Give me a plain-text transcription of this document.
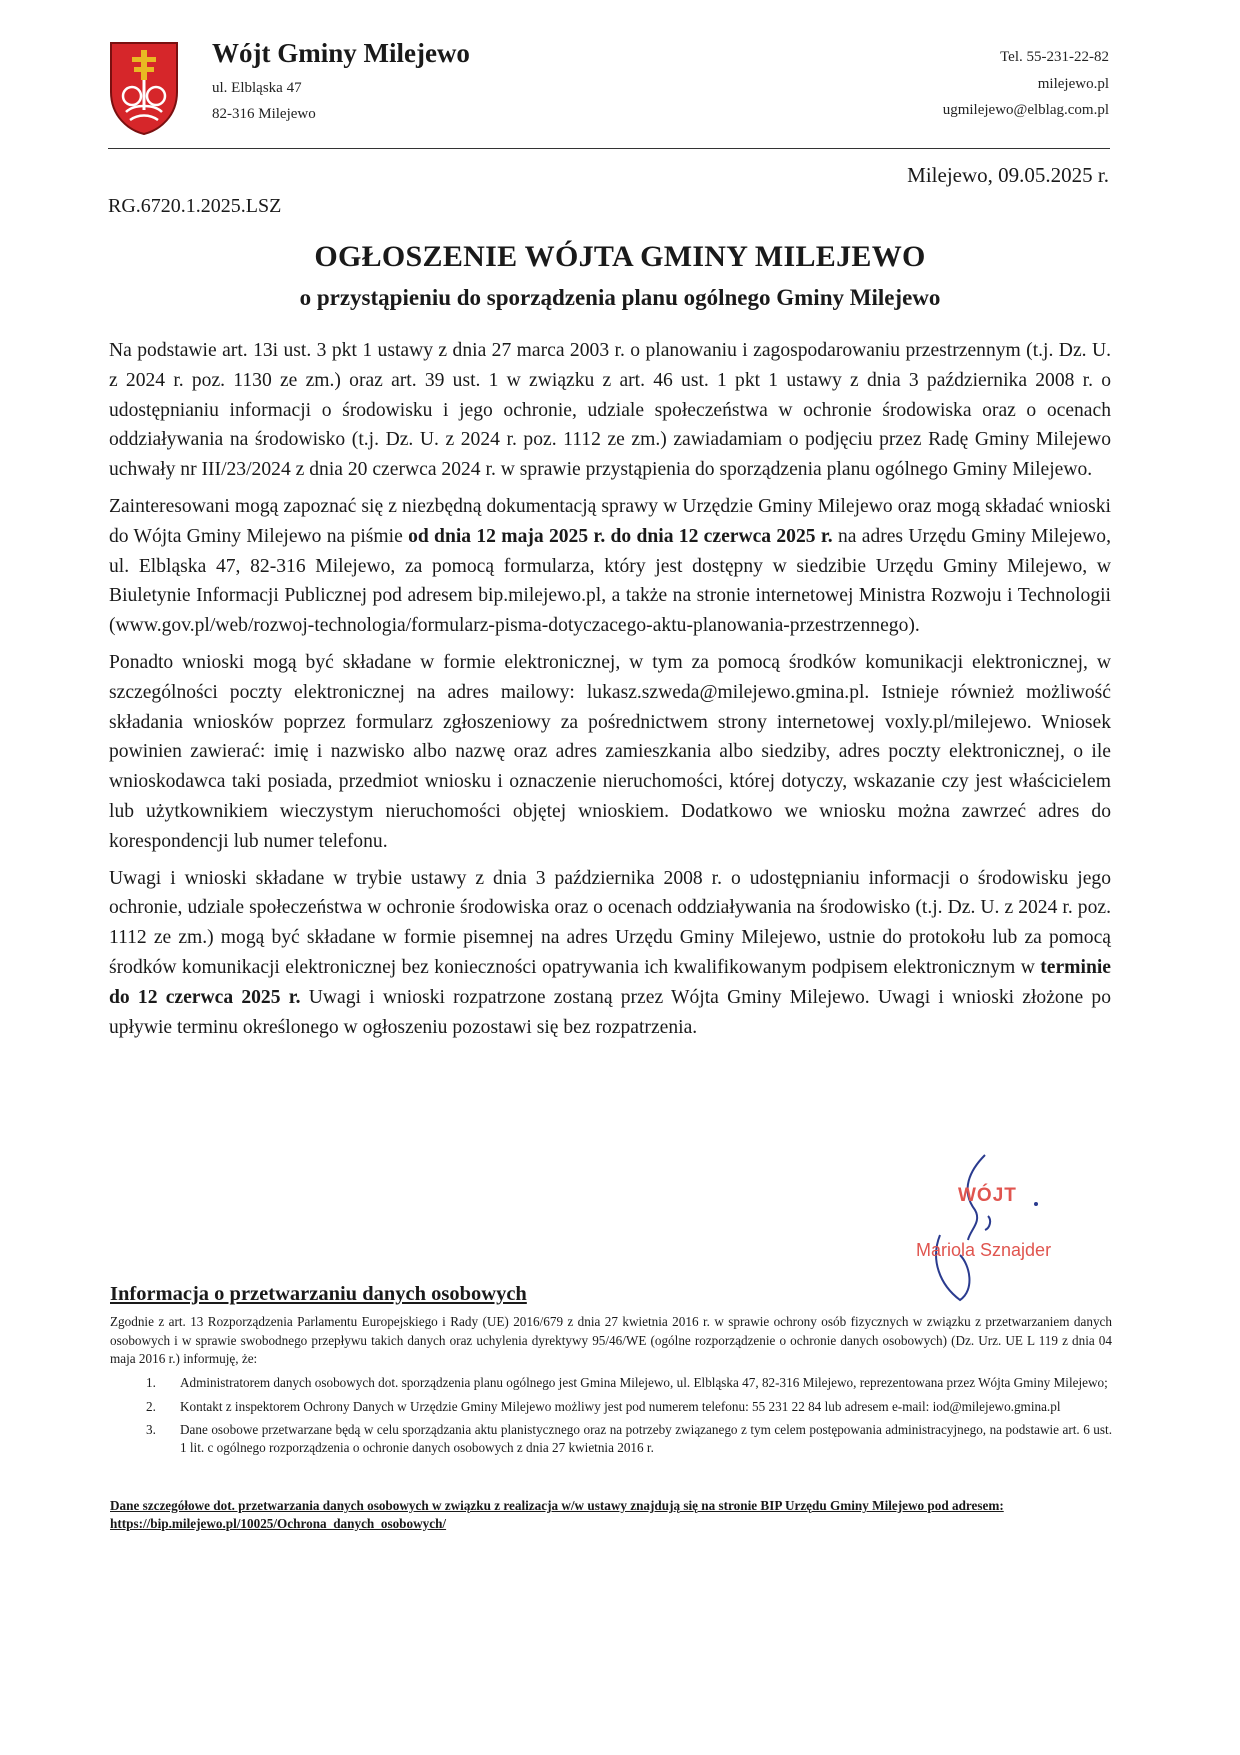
Wójt Gminy Milejewo
ul. Elbląska 47
82-316 Milejewo
Tel. 55-231-22-82
milejewo.pl
ugmilejewo@elblag.com.pl
Milejewo, 09.05.2025 r.
RG.6720.1.2025.LSZ
OGŁOSZENIE WÓJTA GMINY MILEJEWO
o przystąpieniu do sporządzenia planu ogólnego Gminy Milejewo

Na podstawie art. 13i ust. 3 pkt 1 ustawy z dnia 27 marca 2003 r. o planowaniu i zagospodarowaniu przestrzennym (t.j. Dz. U. z 2024 r. poz. 1130 ze zm.) oraz art. 39 ust. 1 w związku z art. 46 ust. 1 pkt 1 ustawy z dnia 3 października 2008 r. o udostępnianiu informacji o środowisku i jego ochronie, udziale społeczeństwa w ochronie środowiska oraz o ocenach oddziaływania na środowisko (t.j. Dz. U. z 2024 r. poz. 1112 ze zm.) zawiadamiam o podjęciu przez Radę Gminy Milejewo uchwały nr III/23/2024 z dnia 20 czerwca 2024 r. w sprawie przystąpienia do sporządzenia planu ogólnego Gminy Milejewo.

Zainteresowani mogą zapoznać się z niezbędną dokumentacją sprawy w Urzędzie Gminy Milejewo oraz mogą składać wnioski do Wójta Gminy Milejewo na piśmie od dnia 12 maja 2025 r. do dnia 12 czerwca 2025 r. na adres Urzędu Gminy Milejewo, ul. Elbląska 47, 82-316 Milejewo, za pomocą formularza, który jest dostępny w siedzibie Urzędu Gminy Milejewo, w Biuletynie Informacji Publicznej pod adresem bip.milejewo.pl, a także na stronie internetowej Ministra Rozwoju i Technologii (www.gov.pl/web/rozwoj-technologia/formularz-pisma-dotyczacego-aktu-planowania-przestrzennego).

Ponadto wnioski mogą być składane w formie elektronicznej, w tym za pomocą środków komunikacji elektronicznej, w szczególności poczty elektronicznej na adres mailowy: lukasz.szweda@milejewo.gmina.pl. Istnieje również możliwość składania wniosków poprzez formularz zgłoszeniowy za pośrednictwem strony internetowej voxly.pl/milejewo. Wniosek powinien zawierać: imię i nazwisko albo nazwę oraz adres zamieszkania albo siedziby, adres poczty elektronicznej, o ile wnioskodawca taki posiada, przedmiot wniosku i oznaczenie nieruchomości, której dotyczy, wskazanie czy jest właścicielem lub użytkownikiem wieczystym nieruchomości objętej wnioskiem. Dodatkowo we wniosku można zawrzeć adres do korespondencji lub numer telefonu.

Uwagi i wnioski składane w trybie ustawy z dnia 3 października 2008 r. o udostępnianiu informacji o środowisku jego ochronie, udziale społeczeństwa w ochronie środowiska oraz o ocenach oddziaływania na środowisko (t.j. Dz. U. z 2024 r. poz. 1112 ze zm.) mogą być składane w formie pisemnej na adres Urzędu Gminy Milejewo, ustnie do protokołu lub za pomocą środków komunikacji elektronicznej bez konieczności opatrywania ich kwalifikowanym podpisem elektronicznym w terminie do 12 czerwca 2025 r. Uwagi i wnioski rozpatrzone zostaną przez Wójta Gminy Milejewo. Uwagi i wnioski złożone po upływie terminu określonego w ogłoszeniu pozostawi się bez rozpatrzenia.

WÓJT
Mariola Sznajder
Informacja o przetwarzaniu danych osobowych
Zgodnie z art. 13 Rozporządzenia Parlamentu Europejskiego i Rady (UE) 2016/679 z dnia 27 kwietnia 2016 r. w sprawie ochrony osób fizycznych w związku z przetwarzaniem danych osobowych i w sprawie swobodnego przepływu takich danych oraz uchylenia dyrektywy 95/46/WE (ogólne rozporządzenie o ochronie danych osobowych) (Dz. Urz. UE L 119 z dnia 04 maja 2016 r.) informuję, że:
1.	Administratorem danych osobowych dot. sporządzenia planu ogólnego jest Gmina Milejewo, ul. Elbląska 47, 82-316 Milejewo, reprezentowana przez Wójta Gminy Milejewo;
2.	Kontakt z inspektorem Ochrony Danych w Urzędzie Gminy Milejewo możliwy jest pod numerem telefonu: 55 231 22 84 lub adresem e-mail: iod@milejewo.gmina.pl
3.	Dane osobowe przetwarzane będą w celu sporządzania aktu planistycznego oraz na potrzeby związanego z tym celem postępowania administracyjnego, na podstawie art. 6 ust. 1 lit. c ogólnego rozporządzenia o ochronie danych osobowych z dnia 27 kwietnia 2016 r.
Dane szczegółowe dot. przetwarzania danych osobowych w związku z realizacja w/w ustawy znajdują się na stronie BIP Urzędu Gminy Milejewo pod adresem: https://bip.milejewo.pl/10025/Ochrona_danych_osobowych/
